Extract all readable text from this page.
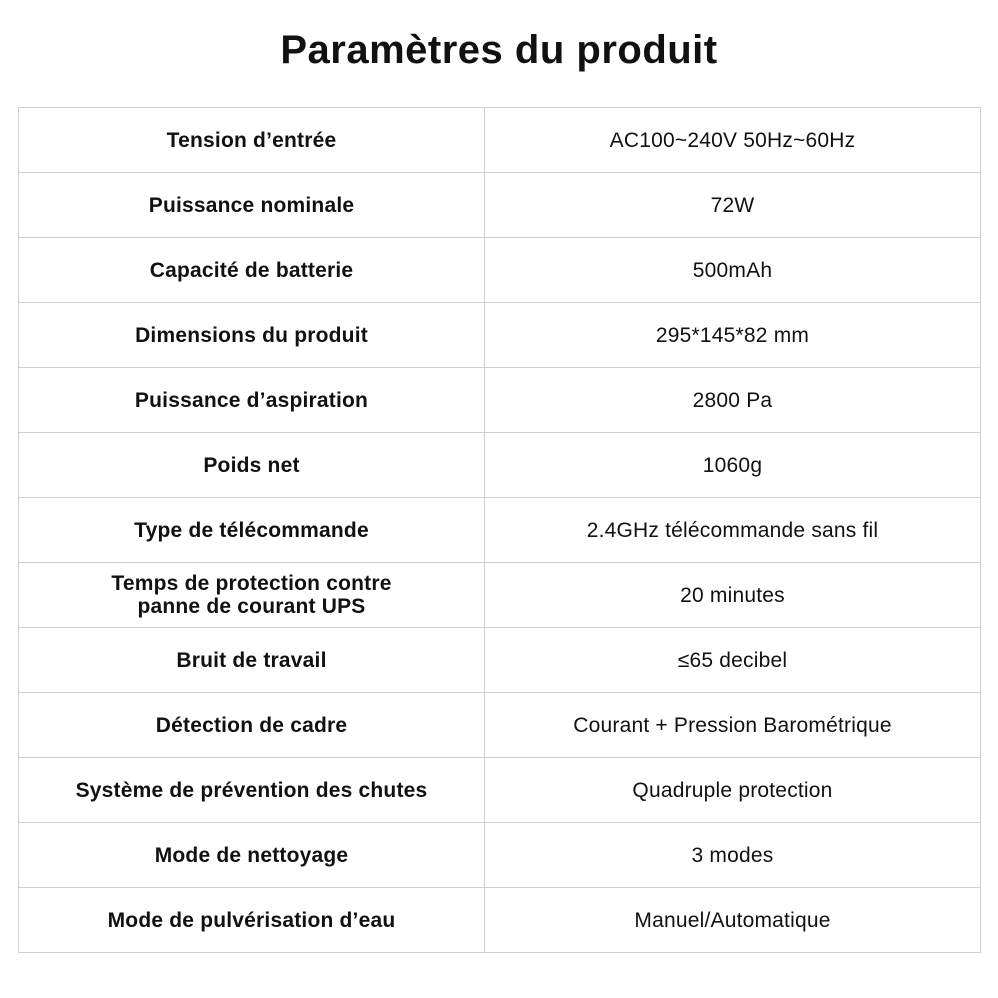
Paramètres du produit
Tension d’entrée	AC100~240V 50Hz~60Hz
Puissance nominale	72W
Capacité de batterie	500mAh
Dimensions du produit	295*145*82 mm
Puissance d’aspiration	2800 Pa
Poids net	1060g
Type de télécommande	2.4GHz télécommande sans fil
Temps de protection contre
panne de courant UPS	20 minutes
Bruit de travail	≤65 decibel
Détection de cadre	Courant + Pression Barométrique
Système de prévention des chutes	Quadruple protection
Mode de nettoyage	3 modes
Mode de pulvérisation d’eau	Manuel/Automatique
